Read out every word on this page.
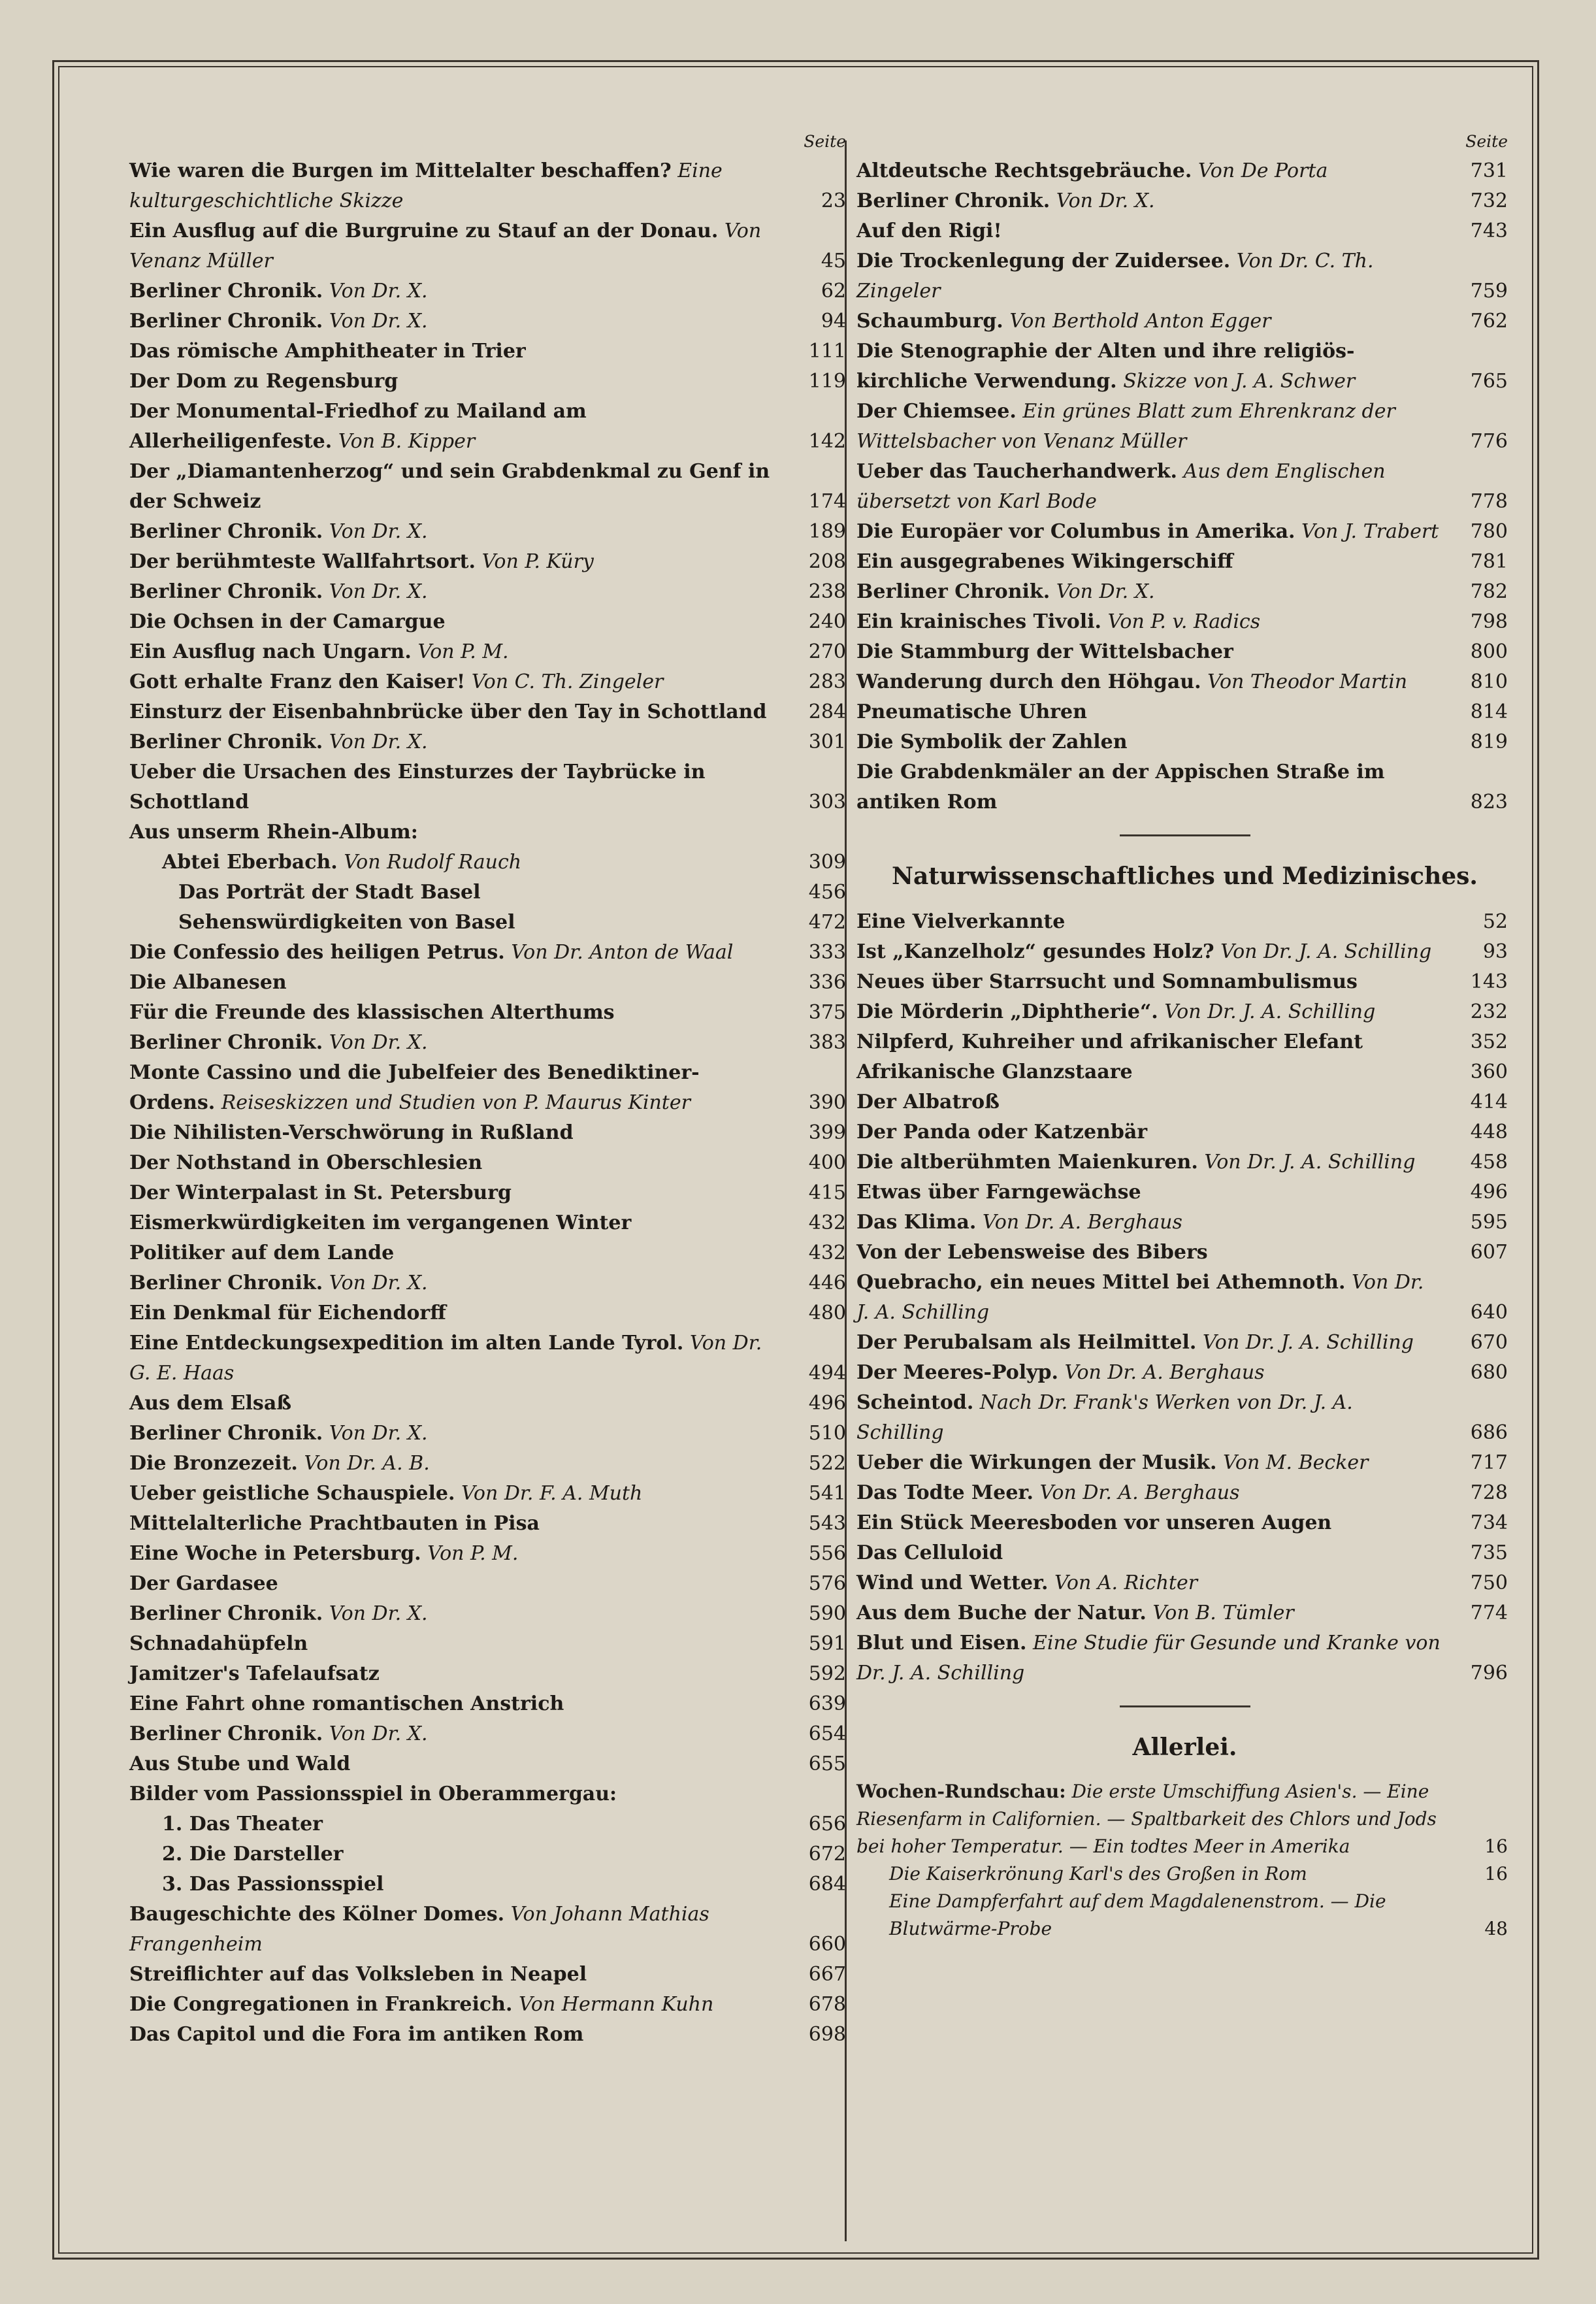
Seite
Wie waren die Burgen im Mittelalter beschaffen? Eine kulturgeschichtliche Skizze	23
Ein Ausflug auf die Burgruine zu Stauf an der Donau. Von Venanz Müller	45
Berliner Chronik. Von Dr. X.	62
Berliner Chronik. Von Dr. X.	94
Das römische Amphitheater in Trier	111
Der Dom zu Regensburg	119
Der Monumental-Friedhof zu Mailand am Allerheiligenfeste. Von B. Kipper	142
Der „Diamantenherzog“ und sein Grabdenkmal zu Genf in der Schweiz	174
Berliner Chronik. Von Dr. X.	189
Der berühmteste Wallfahrtsort. Von P. Küry	208
Berliner Chronik. Von Dr. X.	238
Die Ochsen in der Camargue	240
Ein Ausflug nach Ungarn. Von P. M.	270
Gott erhalte Franz den Kaiser! Von C. Th. Zingeler	283
Einsturz der Eisenbahnbrücke über den Tay in Schottland	284
Berliner Chronik. Von Dr. X.	301
Ueber die Ursachen des Einsturzes der Taybrücke in Schottland	303
Aus unserm Rhein-Album:
Abtei Eberbach. Von Rudolf Rauch	309
Das Porträt der Stadt Basel	456
Sehenswürdigkeiten von Basel	472
Die Confessio des heiligen Petrus. Von Dr. Anton de Waal	333
Die Albanesen	336
Für die Freunde des klassischen Alterthums	375
Berliner Chronik. Von Dr. X.	383
Monte Cassino und die Jubelfeier des Benediktiner-Ordens. Reiseskizzen und Studien von P. Maurus Kinter	390
Die Nihilisten-Verschwörung in Rußland	399
Der Nothstand in Oberschlesien	400
Der Winterpalast in St. Petersburg	415
Eismerkwürdigkeiten im vergangenen Winter	432
Politiker auf dem Lande	432
Berliner Chronik. Von Dr. X.	446
Ein Denkmal für Eichendorff	480
Eine Entdeckungsexpedition im alten Lande Tyrol. Von Dr. G. E. Haas	494
Aus dem Elsaß	496
Berliner Chronik. Von Dr. X.	510
Die Bronzezeit. Von Dr. A. B.	522
Ueber geistliche Schauspiele. Von Dr. F. A. Muth	541
Mittelalterliche Prachtbauten in Pisa	543
Eine Woche in Petersburg. Von P. M.	556
Der Gardasee	576
Berliner Chronik. Von Dr. X.	590
Schnadahüpfeln	591
Jamitzer's Tafelaufsatz	592
Eine Fahrt ohne romantischen Anstrich	639
Berliner Chronik. Von Dr. X.	654
Aus Stube und Wald	655
Bilder vom Passionsspiel in Oberammergau:
1. Das Theater	656
2. Die Darsteller	672
3. Das Passionsspiel	684
Baugeschichte des Kölner Domes. Von Johann Mathias Frangenheim	660
Streiflichter auf das Volksleben in Neapel	667
Die Congregationen in Frankreich. Von Hermann Kuhn	678
Das Capitol und die Fora im antiken Rom	698
Seite
Altdeutsche Rechtsgebräuche. Von De Porta	731
Berliner Chronik. Von Dr. X.	732
Auf den Rigi!	743
Die Trockenlegung der Zuidersee. Von Dr. C. Th. Zingeler	759
Schaumburg. Von Berthold Anton Egger	762
Die Stenographie der Alten und ihre religiös-kirchliche Verwendung. Skizze von J. A. Schwer	765
Der Chiemsee. Ein grünes Blatt zum Ehrenkranz der Wittelsbacher von Venanz Müller	776
Ueber das Taucherhandwerk. Aus dem Englischen übersetzt von Karl Bode	778
Die Europäer vor Columbus in Amerika. Von J. Trabert	780
Ein ausgegrabenes Wikingerschiff	781
Berliner Chronik. Von Dr. X.	782
Ein krainisches Tivoli. Von P. v. Radics	798
Die Stammburg der Wittelsbacher	800
Wanderung durch den Höhgau. Von Theodor Martin	810
Pneumatische Uhren	814
Die Symbolik der Zahlen	819
Die Grabdenkmäler an der Appischen Straße im antiken Rom	823
Naturwissenschaftliches und Medizinisches.
Eine Vielverkannte	52
Ist „Kanzelholz“ gesundes Holz? Von Dr. J. A. Schilling	93
Neues über Starrsucht und Somnambulismus	143
Die Mörderin „Diphtherie“. Von Dr. J. A. Schilling	232
Nilpferd, Kuhreiher und afrikanischer Elefant	352
Afrikanische Glanzstaare	360
Der Albatroß	414
Der Panda oder Katzenbär	448
Die altberühmten Maienkuren. Von Dr. J. A. Schilling	458
Etwas über Farngewächse	496
Das Klima. Von Dr. A. Berghaus	595
Von der Lebensweise des Bibers	607
Quebracho, ein neues Mittel bei Athemnoth. Von Dr. J. A. Schilling	640
Der Perubalsam als Heilmittel. Von Dr. J. A. Schilling	670
Der Meeres-Polyp. Von Dr. A. Berghaus	680
Scheintod. Nach Dr. Frank's Werken von Dr. J. A. Schilling	686
Ueber die Wirkungen der Musik. Von M. Becker	717
Das Todte Meer. Von Dr. A. Berghaus	728
Ein Stück Meeresboden vor unseren Augen	734
Das Celluloid	735
Wind und Wetter. Von A. Richter	750
Aus dem Buche der Natur. Von B. Tümler	774
Blut und Eisen. Eine Studie für Gesunde und Kranke von Dr. J. A. Schilling	796
Allerlei.
Wochen-Rundschau: Die erste Umschiffung Asien's. — Eine Riesenfarm in Californien. — Spaltbarkeit des Chlors und Jods bei hoher Temperatur. — Ein todtes Meer in Amerika	16
Die Kaiserkrönung Karl's des Großen in Rom	16
Eine Dampferfahrt auf dem Magdalenenstrom. — Die Blutwärme-Probe	48
